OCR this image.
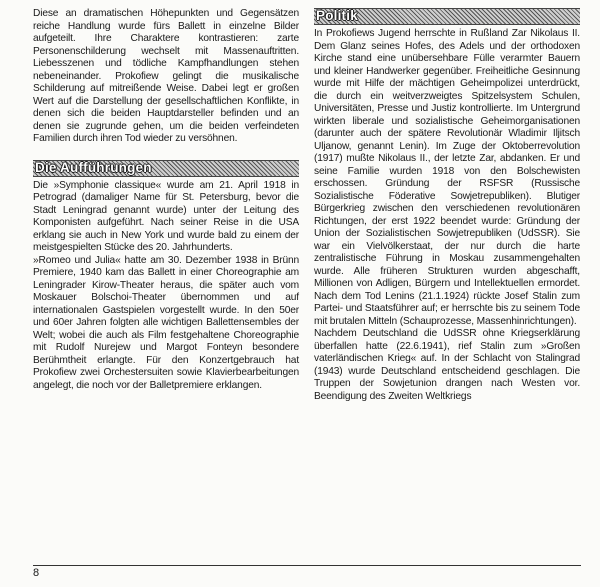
Diese an dramatischen Höhepunkten und Gegensätzen reiche Handlung wurde fürs Ballett in einzelne Bilder aufgeteilt. Ihre Charaktere kontrastieren: zarte Personenschilderung wechselt mit Massenauftritten. Liebesszenen und tödliche Kampfhandlungen stehen nebeneinander. Prokofiew gelingt die musikalische Schilderung auf mitreißende Weise. Dabei legt er großen Wert auf die Darstellung der gesellschaftlichen Konflikte, in denen sich die beiden Hauptdarsteller befinden und an denen sie zugrunde gehen, um die beiden verfeindeten Familien durch ihren Tod wieder zu versöhnen.

Die Aufführungen

Die »Symphonie classique« wurde am 21. April 1918 in Petrograd (damaliger Name für St. Petersburg, bevor die Stadt Leningrad genannt wurde) unter der Leitung des Komponisten aufgeführt. Nach seiner Reise in die USA erklang sie auch in New York und wurde bald zu einem der meistgespielten Stücke des 20. Jahrhunderts.

»Romeo und Julia« hatte am 30. Dezember 1938 in Brünn Premiere, 1940 kam das Ballett in einer Choreographie am Leningrader Kirow-Theater heraus, die später auch vom Moskauer Bolschoi-Theater übernommen und auf internationalen Gastspielen vorgestellt wurde. In den 50er und 60er Jahren folgten alle wichtigen Ballettensembles der Welt; wobei die auch als Film festgehaltene Choreographie mit Rudolf Nurejew und Margot Fonteyn besondere Berühmtheit erlangte. Für den Konzertgebrauch hat Prokofiew zwei Orchestersuiten sowie Klavierbearbeitungen angelegt, die noch vor der Balletpremiere erklangen.

Politik

In Prokofiews Jugend herrschte in Rußland Zar Nikolaus II. Dem Glanz seines Hofes, des Adels und der orthodoxen Kirche stand eine unübersehbare Fülle verarmter Bauern und kleiner Handwerker gegenüber. Freiheitliche Gesinnung wurde mit Hilfe der mächtigen Geheimpolizei unterdrückt, die durch ein weitverzweigtes Spitzelsystem Schulen, Universitäten, Presse und Justiz kontrollierte. Im Untergrund wirkten liberale und sozialistische Geheimorganisationen (darunter auch der spätere Revolutionär Wladimir Iljitsch Uljanow, genannt Lenin). Im Zuge der Oktoberrevolution (1917) mußte Nikolaus II., der letzte Zar, abdanken. Er und seine Familie wurden 1918 von den Bolschewisten erschossen. Gründung der RSFSR (Russische Sozialistische Föderative Sowjetrepubliken). Blutiger Bürgerkrieg zwischen den verschiedenen revolutionären Richtungen, der erst 1922 beendet wurde: Gründung der Union der Sozialistischen Sowjetrepubliken (UdSSR). Sie war ein Vielvölkerstaat, der nur durch die harte zentralistische Führung in Moskau zusammengehalten wurde. Alle früheren Strukturen wurden abgeschafft, Millionen von Adligen, Bürgern und Intellektuellen ermordet. Nach dem Tod Lenins (21.1.1924) rückte Josef Stalin zum Partei- und Staatsführer auf; er herrschte bis zu seinem Tode mit brutalen Mitteln (Schauprozesse, Massenhinrichtungen).

Nachdem Deutschland die UdSSR ohne Kriegserklärung überfallen hatte (22.6.1941), rief Stalin zum »Großen vaterländischen Krieg« auf. In der Schlacht von Stalingrad (1943) wurde Deutschland entscheidend geschlagen. Die Truppen der Sowjetunion drangen nach Westen vor. Beendigung des Zweiten Weltkriegs

8
